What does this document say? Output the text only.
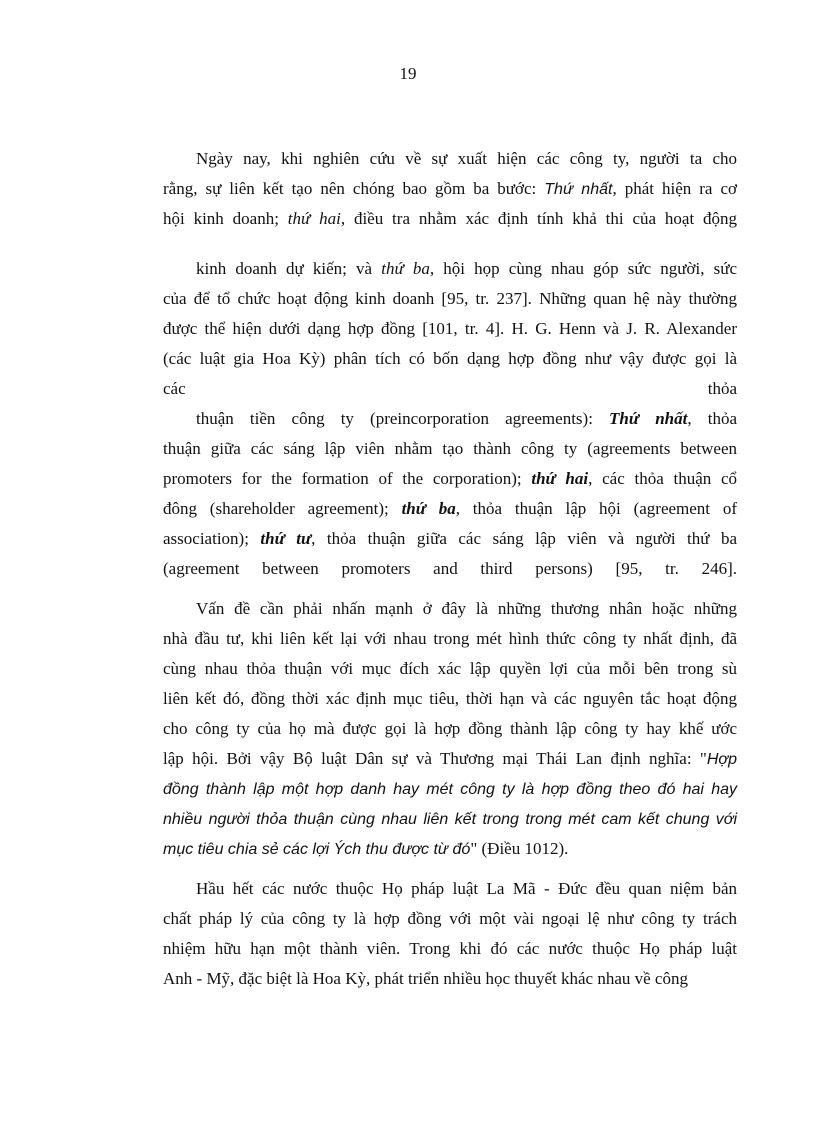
19
Ngày nay, khi nghiên cứu về sự xuất hiện các công ty, người ta cho
rằng, sự liên kết tạo nên chóng bao gồm ba bước: Thứ nhất, phát hiện ra cơ
hội kinh doanh; thứ hai, điều tra nhằm xác định tính khả thi của hoạt động
kinh doanh dự kiến; và thứ ba, hội họp cùng nhau góp sức người, sức
của để tổ chức hoạt động kinh doanh [95, tr. 237]. Những quan hệ này thường
được thể hiện dưới dạng hợp đồng [101, tr. 4]. H. G. Henn và J. R. Alexander
(các luật gia Hoa Kỳ) phân tích có bốn dạng hợp đồng như vậy được gọi là
các thỏa
thuận tiền công ty (preincorporation agreements): Thứ nhất, thỏa
thuận giữa các sáng lập viên nhằm tạo thành công ty (agreements between
promoters for the formation of the corporation); thứ hai, các thỏa thuận cổ
đông (shareholder agreement); thứ ba, thỏa thuận lập hội (agreement of
association); thứ tư, thỏa thuận giữa các sáng lập viên và người thứ ba
(agreement between promoters and third persons) [95, tr. 246].
Vấn đề cần phải nhấn mạnh ở đây là những thương nhân hoặc những
nhà đầu tư, khi liên kết lại với nhau trong mét hình thức công ty nhất định, đã
cùng nhau thỏa thuận với mục đích xác lập quyền lợi của mỗi bên trong sù
liên kết đó, đồng thời xác định mục tiêu, thời hạn và các nguyên tắc hoạt động
cho công ty của họ mà được gọi là hợp đồng thành lập công ty hay khế ước
lập hội. Bởi vậy Bộ luật Dân sự và Thương mại Thái Lan định nghĩa: "Hợp
đồng thành lập một hợp danh hay mét công ty là hợp đồng theo đó hai hay
nhiều người thỏa thuận cùng nhau liên kết trong trong mét cam kết chung với
mục tiêu chia sẻ các lợi Ých thu được từ đó" (Điều 1012).
Hầu hết các nước thuộc Họ pháp luật La Mã - Đức đều quan niệm bản
chất pháp lý của công ty là hợp đồng với một vài ngoại lệ như công ty trách
nhiệm hữu hạn một thành viên. Trong khi đó các nước thuộc Họ pháp luật
Anh - Mỹ, đặc biệt là Hoa Kỳ, phát triển nhiều học thuyết khác nhau về công
